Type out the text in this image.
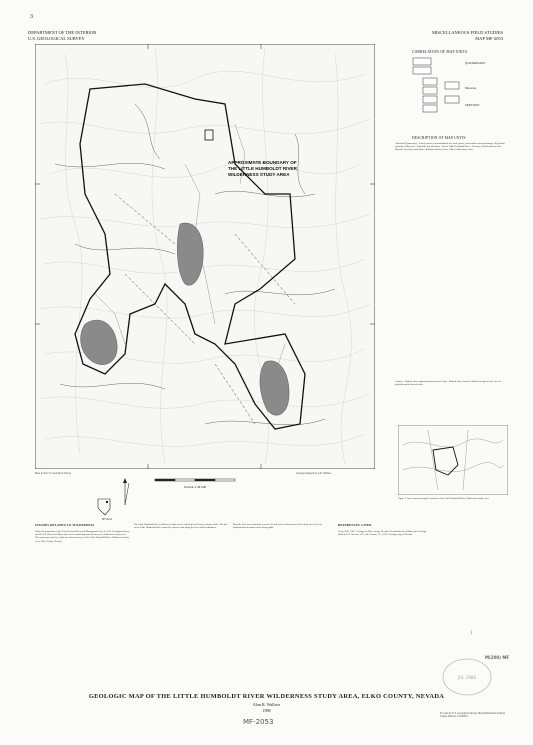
3
DEPARTMENT OF THE INTERIOR
U.S. GEOLOGICAL SURVEY
MISCELLANEOUS FIELD STUDIES
MAP MF-2053
APPROXIMATE BOUNDARY OF
THE LITTLE HUMBOLDT RIVER
WILDERNESS STUDY AREA
CORRELATION OF MAP UNITS
QUATERNARY
Miocene
TERTIARY
DESCRIPTION OF MAP UNITS
Alluvium (Quaternary)—Poorly sorted, unconsolidated silt, sand, gravel, and boulders along drainages. Big Island formation (Miocene)—Rhyolitic tuff and flows. Tuff of Little Humboldt River—Densely welded ash-flow tuff. Rhyolite lava flows and domes. Basaltic andesite flows. Older sedimentary rocks.
Contact—Dashed where approximately located. Fault—Dashed where inferred. Strike and dip of beds. Area of hydrothermally altered rocks.
Figure 1. Index map showing the location of the Little Humboldt River Wilderness Study Area.
Base from U.S. Geological Survey	Geology mapped by A.R. Wallace
SCALE 1:48 000
NEVADA
STUDIES RELATED TO WILDERNESS
Under the provisions of the Federal Land Policy and Management Act, the U.S. Geological Survey and the U.S. Bureau of Mines have been conducting mineral surveys of wilderness study areas. This report presents the results of a mineral survey of the Little Humboldt River Wilderness Study Area, Elko County, Nevada.
The Little Humboldt River wilderness study area is underlain by Tertiary volcanic rocks. The tuff of the Little Humboldt River forms the canyon walls along the river and its tributaries.
Rhyolite lava flows and domes overlie the tuff in the northern part of the study area. Areas of hydrothermal alteration occur along faults.
REFERENCES CITED
Coats, R.R., 1987, Geology of Elko County, Nevada: Nevada Bureau of Mines and Geology Bulletin 101. Stewart, J.H., and Carlson, J.E., 1978, Geologic map of Nevada.
JUL 1988
1
M(200) MF
GEOLOGIC MAP OF THE LITTLE HUMBOLDT RIVER WILDERNESS STUDY AREA, ELKO COUNTY, NEVADA
Alan R. Wallace
1988
MF-2053
For sale by U.S. Geological Survey, Map Distribution, Federal Center, Denver, CO 80225
